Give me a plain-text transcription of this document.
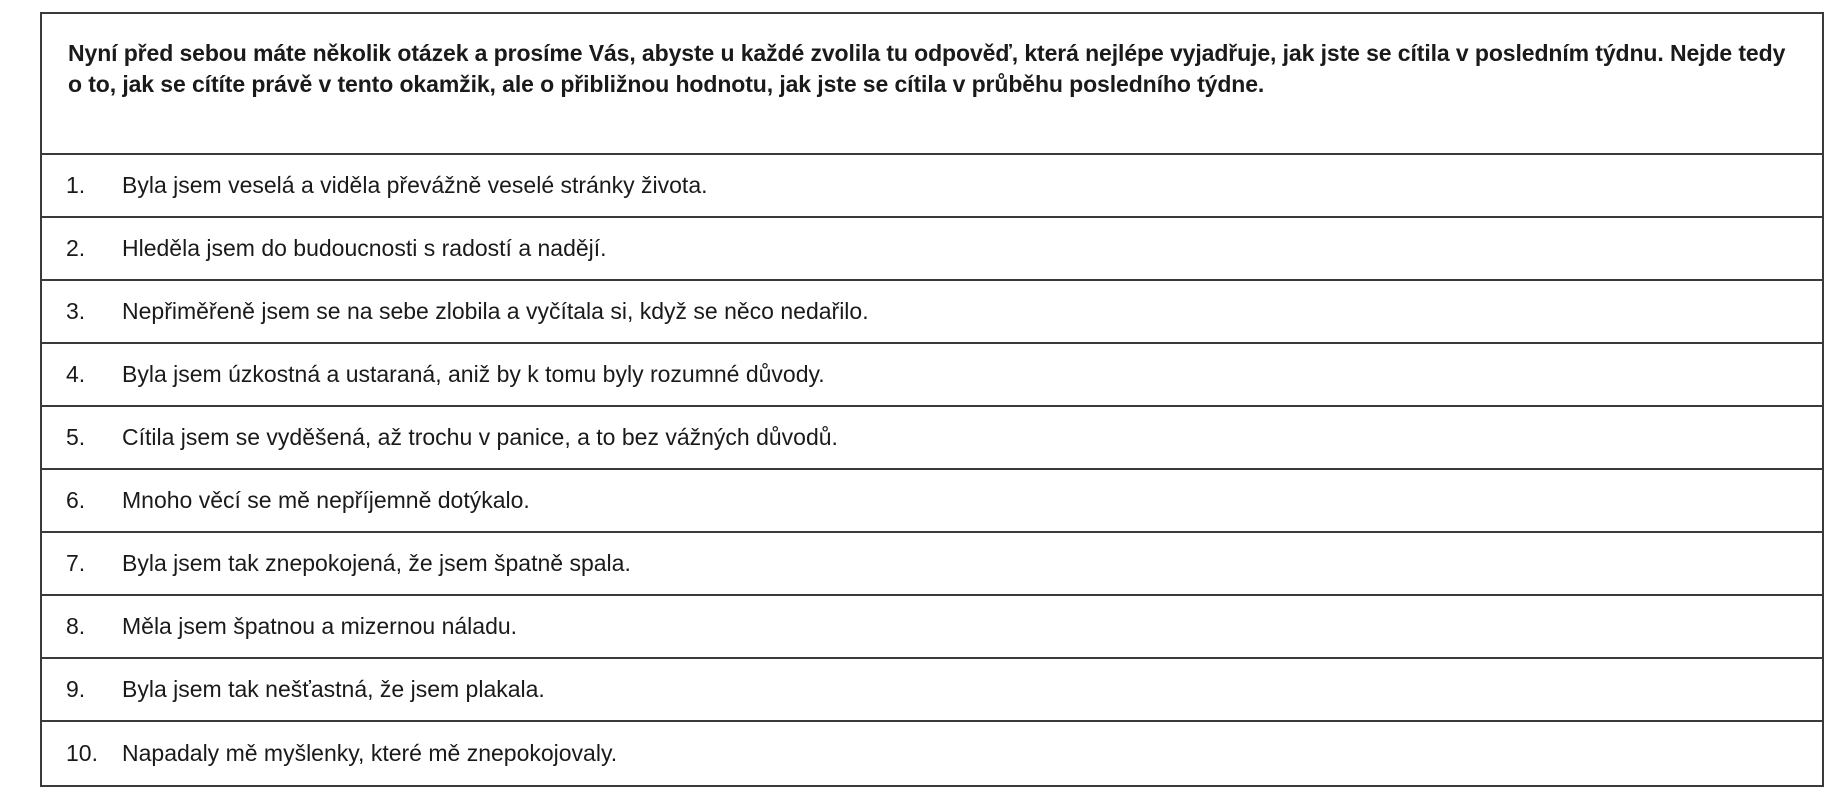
Nyní před sebou máte několik otázek a prosíme Vás, abyste u každé zvolila tu odpověď, která nejlépe vyjadřuje, jak jste se cítila v posledním týdnu. Nejde tedy o to, jak se cítíte právě v tento okamžik, ale o přibližnou hodnotu, jak jste se cítila v průběhu posledního týdne.
1.	Byla jsem veselá a viděla převážně veselé stránky života.
2.	Hleděla jsem do budoucnosti s radostí a nadějí.
3.	Nepřiměřeně jsem se na sebe zlobila a vyčítala si, když se něco nedařilo.
4.	Byla jsem úzkostná a ustaraná, aniž by k tomu byly rozumné důvody.
5.	Cítila jsem se vyděšená, až trochu v panice, a to bez vážných důvodů.
6.	Mnoho věcí se mě nepříjemně dotýkalo.
7.	Byla jsem tak znepokojená, že jsem špatně spala.
8.	Měla jsem špatnou a mizernou náladu.
9.	Byla jsem tak nešťastná, že jsem plakala.
10.	Napadaly mě myšlenky, které mě znepokojovaly.
